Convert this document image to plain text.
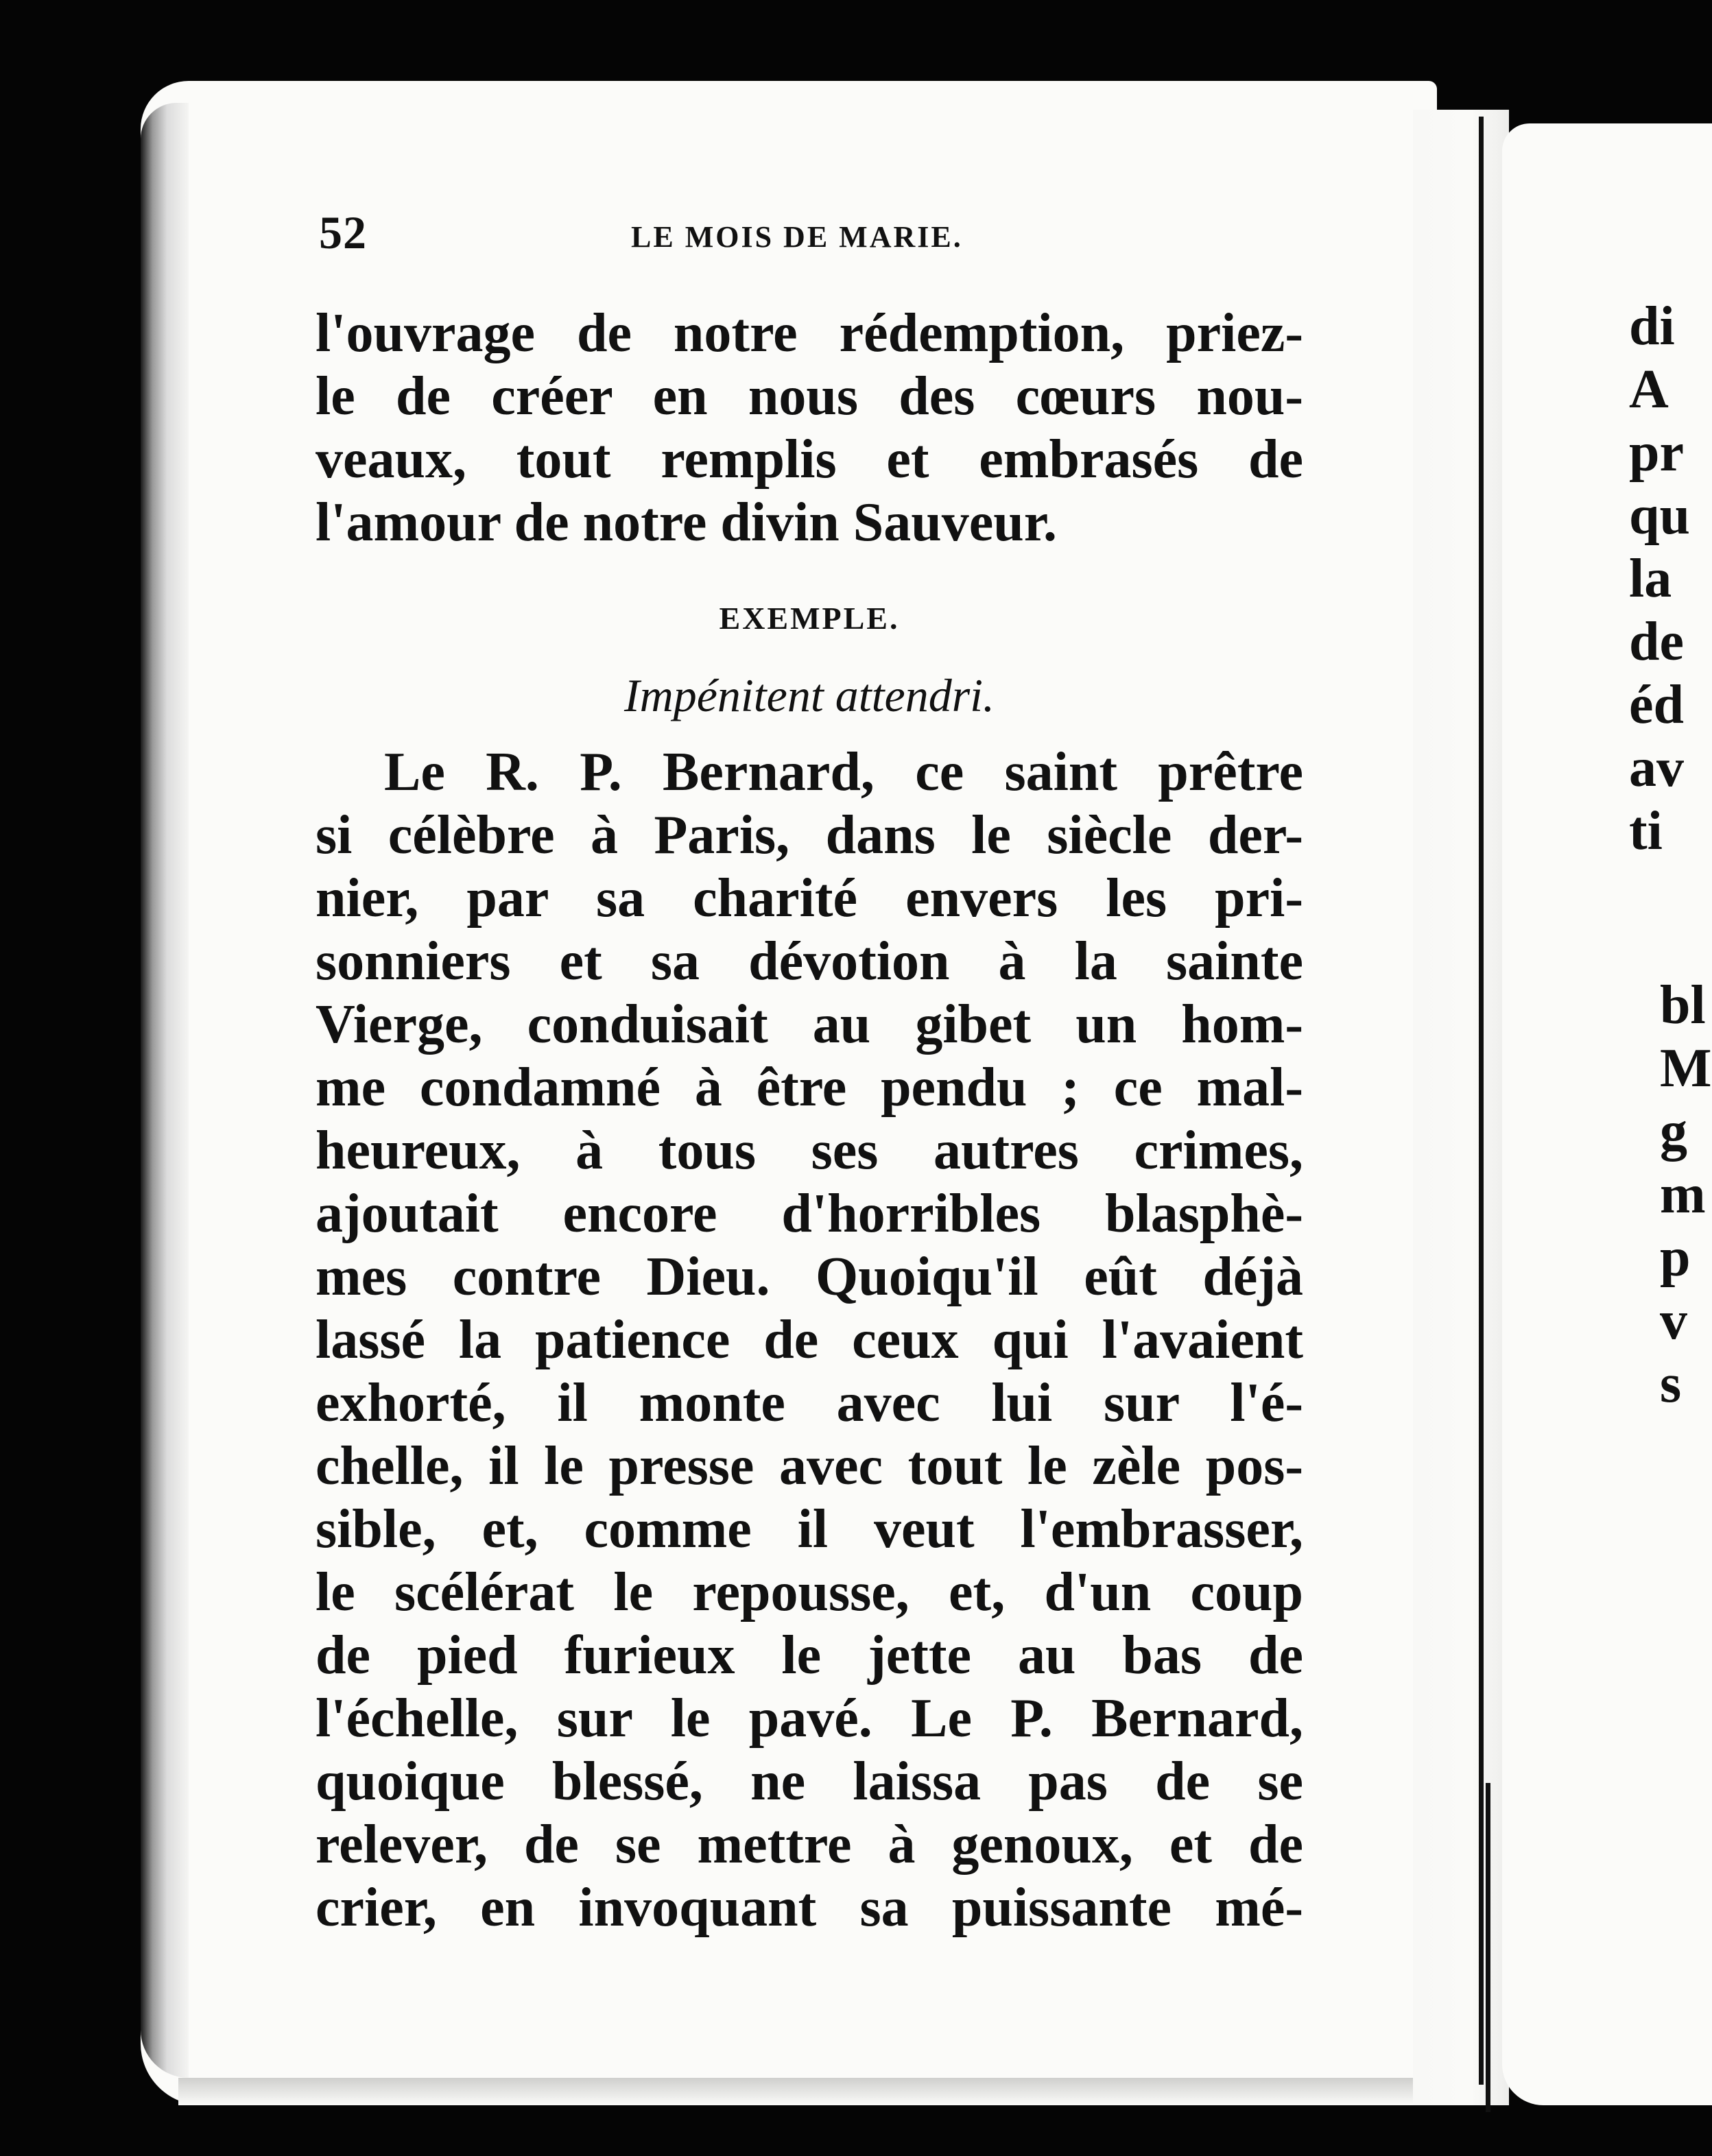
52	LE MOIS DE MARIE.
l'ouvrage de notre rédemption, priez-
le de créer en nous des cœurs nou-
veaux, tout remplis et embrasés de
l'amour de notre divin Sauveur.
EXEMPLE.
Impénitent attendri.
Le R. P. Bernard, ce saint prêtre
si célèbre à Paris, dans le siècle der-
nier, par sa charité envers les pri-
sonniers et sa dévotion à la sainte
Vierge, conduisait au gibet un hom-
me condamné à être pendu ; ce mal-
heureux, à tous ses autres crimes,
ajoutait encore d'horribles blasphè-
mes contre Dieu. Quoiqu'il eût déjà
lassé la patience de ceux qui l'avaient
exhorté, il monte avec lui sur l'é-
chelle, il le presse avec tout le zèle pos-
sible, et, comme il veut l'embrasser,
le scélérat le repousse, et, d'un coup
de pied furieux le jette au bas de
l'échelle, sur le pavé. Le P. Bernard,
quoique blessé, ne laissa pas de se
relever, de se mettre à genoux, et de
crier, en invoquant sa puissante mé-
di
A
pr
qu
la
de
éd
av
ti
bl
M
g
m
p
v
s
